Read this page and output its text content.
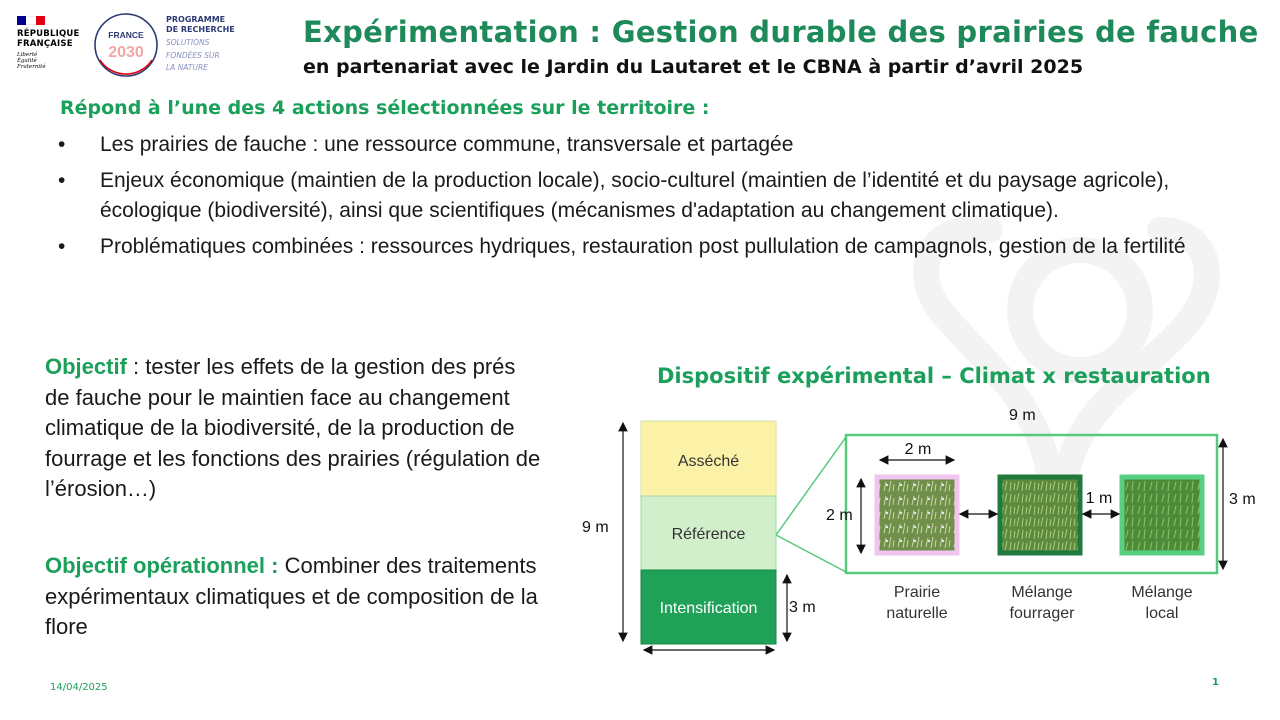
RÉPUBLIQUE
FRANÇAISE
Liberté
Égalité
Fraternité
FRANCE
2030
PROGRAMME
DE RECHERCHE
SOLUTIONS
FONDÉES SUR
LA NATURE
Expérimentation : Gestion durable des prairies de fauche
en partenariat avec le Jardin du Lautaret et le CBNA à partir d’avril 2025
Répond à l’une des 4 actions sélectionnées sur le territoire :
• Les prairies de fauche : une ressource commune, transversale et partagée
• Enjeux économique (maintien de la production locale), socio-culturel (maintien de l’identité et du paysage agricole), écologique (biodiversité), ainsi que scientifiques (mécanismes d'adaptation au changement climatique).
• Problématiques combinées : ressources hydriques, restauration post pullulation de campagnols, gestion de la fertilité
Objectif : tester les effets de la gestion des prés de fauche pour le maintien face au changement climatique de la biodiversité, de la production de fourrage et les fonctions des prairies (régulation de l’érosion…)
Objectif opérationnel : Combiner des traitements expérimentaux climatiques et de composition de la flore
Dispositif expérimental – Climat x restauration
Asséché
Référence
Intensification
9 m
3 m
9 m
3 m
2 m
2 m
1 m
Prairie
naturelle
Mélange
fourrager
Mélange
local
14/04/2025	1
